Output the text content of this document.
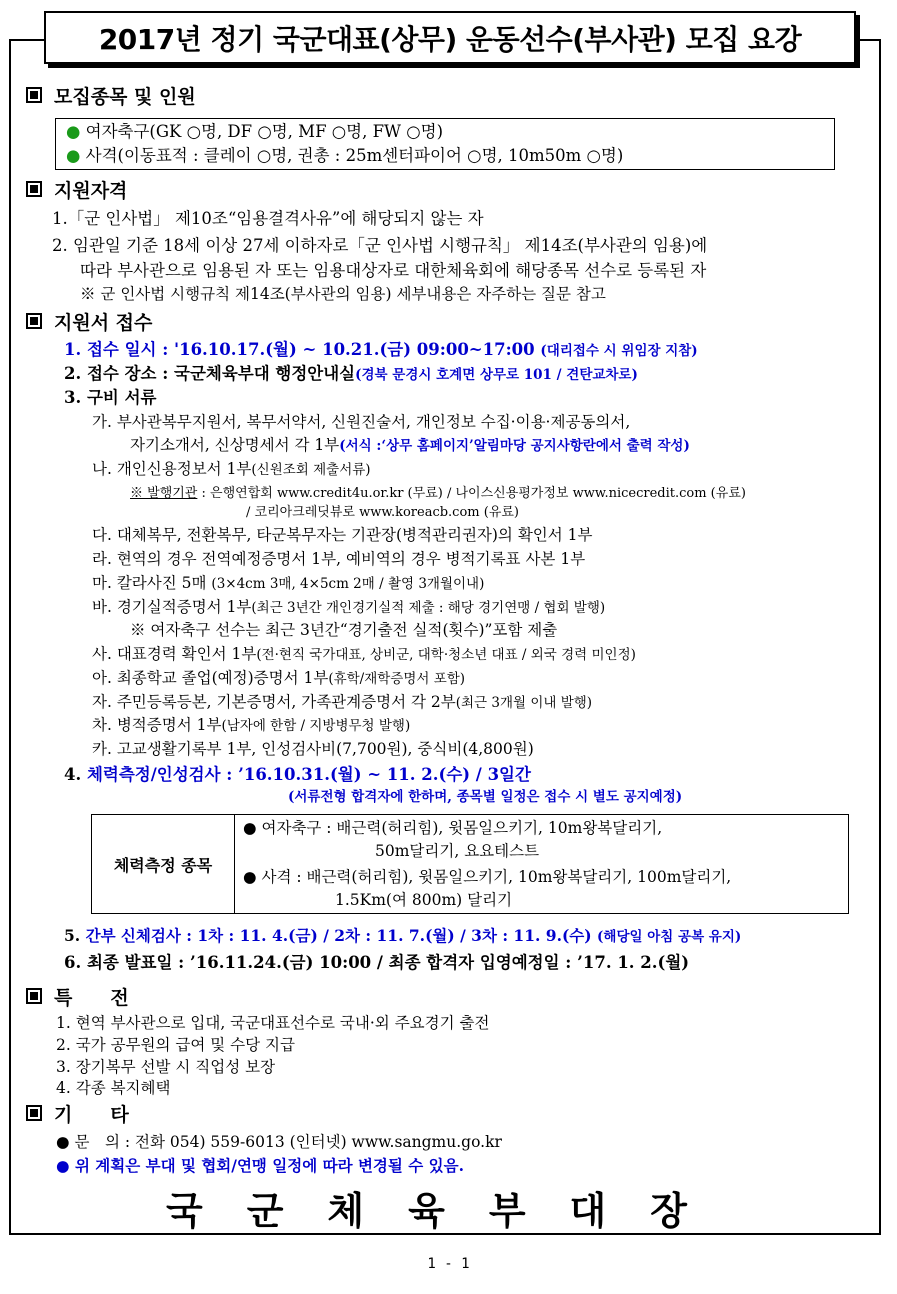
2017년 정기 국군대표(상무) 운동선수(부사관) 모집 요강
모집종목 및 인원
● 여자축구(GK ○명, DF ○명, MF ○명, FW ○명)
● 사격(이동표적 : 클레이 ○명, 권총 : 25m센터파이어 ○명, 10m50m ○명)
지원자격
1.「군 인사법」 제10조“임용결격사유”에 해당되지 않는 자
2. 임관일 기준 18세 이상 27세 이하자로「군 인사법 시행규칙」 제14조(부사관의 임용)에
따라 부사관으로 임용된 자 또는 임용대상자로 대한체육회에 해당종목 선수로 등록된 자
※ 군 인사법 시행규칙 제14조(부사관의 임용) 세부내용은 자주하는 질문 참고
지원서 접수
1. 접수 일시 : '16.10.17.(월) ~ 10.21.(금) 09:00~17:00 (대리접수 시 위임장 지참)
2. 접수 장소 : 국군체육부대 행정안내실(경북 문경시 호계면 상무로 101 / 견탄교차로)
3. 구비 서류
가. 부사관복무지원서, 복무서약서, 신원진술서, 개인정보 수집·이용·제공동의서,
자기소개서, 신상명세서 각 1부(서식 :‘상무 홈페이지’알림마당 공지사항란에서 출력 작성)
나. 개인신용정보서 1부(신원조회 제출서류)
※ 발행기관 : 은행연합회 www.credit4u.or.kr (무료) / 나이스신용평가정보 www.nicecredit.com (유료)
/ 코리아크레딧뷰로 www.koreacb.com (유료)
다. 대체복무, 전환복무, 타군복무자는 기관장(병적관리권자)의 확인서 1부
라. 현역의 경우 전역예정증명서 1부, 예비역의 경우 병적기록표 사본 1부
마. 칼라사진 5매 (3×4cm 3매, 4×5cm 2매 / 촬영 3개월이내)
바. 경기실적증명서 1부(최근 3년간 개인경기실적 제출 : 해당 경기연맹 / 협회 발행)
※ 여자축구 선수는 최근 3년간“경기출전 실적(횟수)”포함 제출
사. 대표경력 확인서 1부(전·현직 국가대표, 상비군, 대학·청소년 대표 / 외국 경력 미인정)
아. 최종학교 졸업(예정)증명서 1부(휴학/재학증명서 포함)
자. 주민등록등본, 기본증명서, 가족관계증명서 각 2부(최근 3개월 이내 발행)
차. 병적증명서 1부(남자에 한함 / 지방병무청 발행)
카. 고교생활기록부 1부, 인성검사비(7,700원), 중식비(4,800원)
4. 체력측정/인성검사 : ’16.10.31.(월) ~ 11. 2.(수) / 3일간
(서류전형 합격자에 한하며, 종목별 일정은 접수 시 별도 공지예정)
체력측정 종목
● 여자축구 : 배근력(허리힘), 윗몸일으키기, 10m왕복달리기,
50m달리기, 요요테스트
● 사격 : 배근력(허리힘), 윗몸일으키기, 10m왕복달리기, 100m달리기,
1.5Km(여 800m) 달리기
5. 간부 신체검사 : 1차 : 11. 4.(금) / 2차 : 11. 7.(월) / 3차 : 11. 9.(수) (해당일 아침 공복 유지)
6. 최종 발표일 : ’16.11.24.(금) 10:00 / 최종 합격자 입영예정일 : ’17. 1. 2.(월)
특　　전
1. 현역 부사관으로 입대, 국군대표선수로 국내·외 주요경기 출전
2. 국가 공무원의 급여 및 수당 지급
3. 장기복무 선발 시 직업성 보장
4. 각종 복지혜택
기　　타
● 문　의 : 전화 054) 559-6013 (인터넷) www.sangmu.go.kr
● 위 계획은 부대 및 협회/연맹 일정에 따라 변경될 수 있음.
국군체육부대장
1 - 1
